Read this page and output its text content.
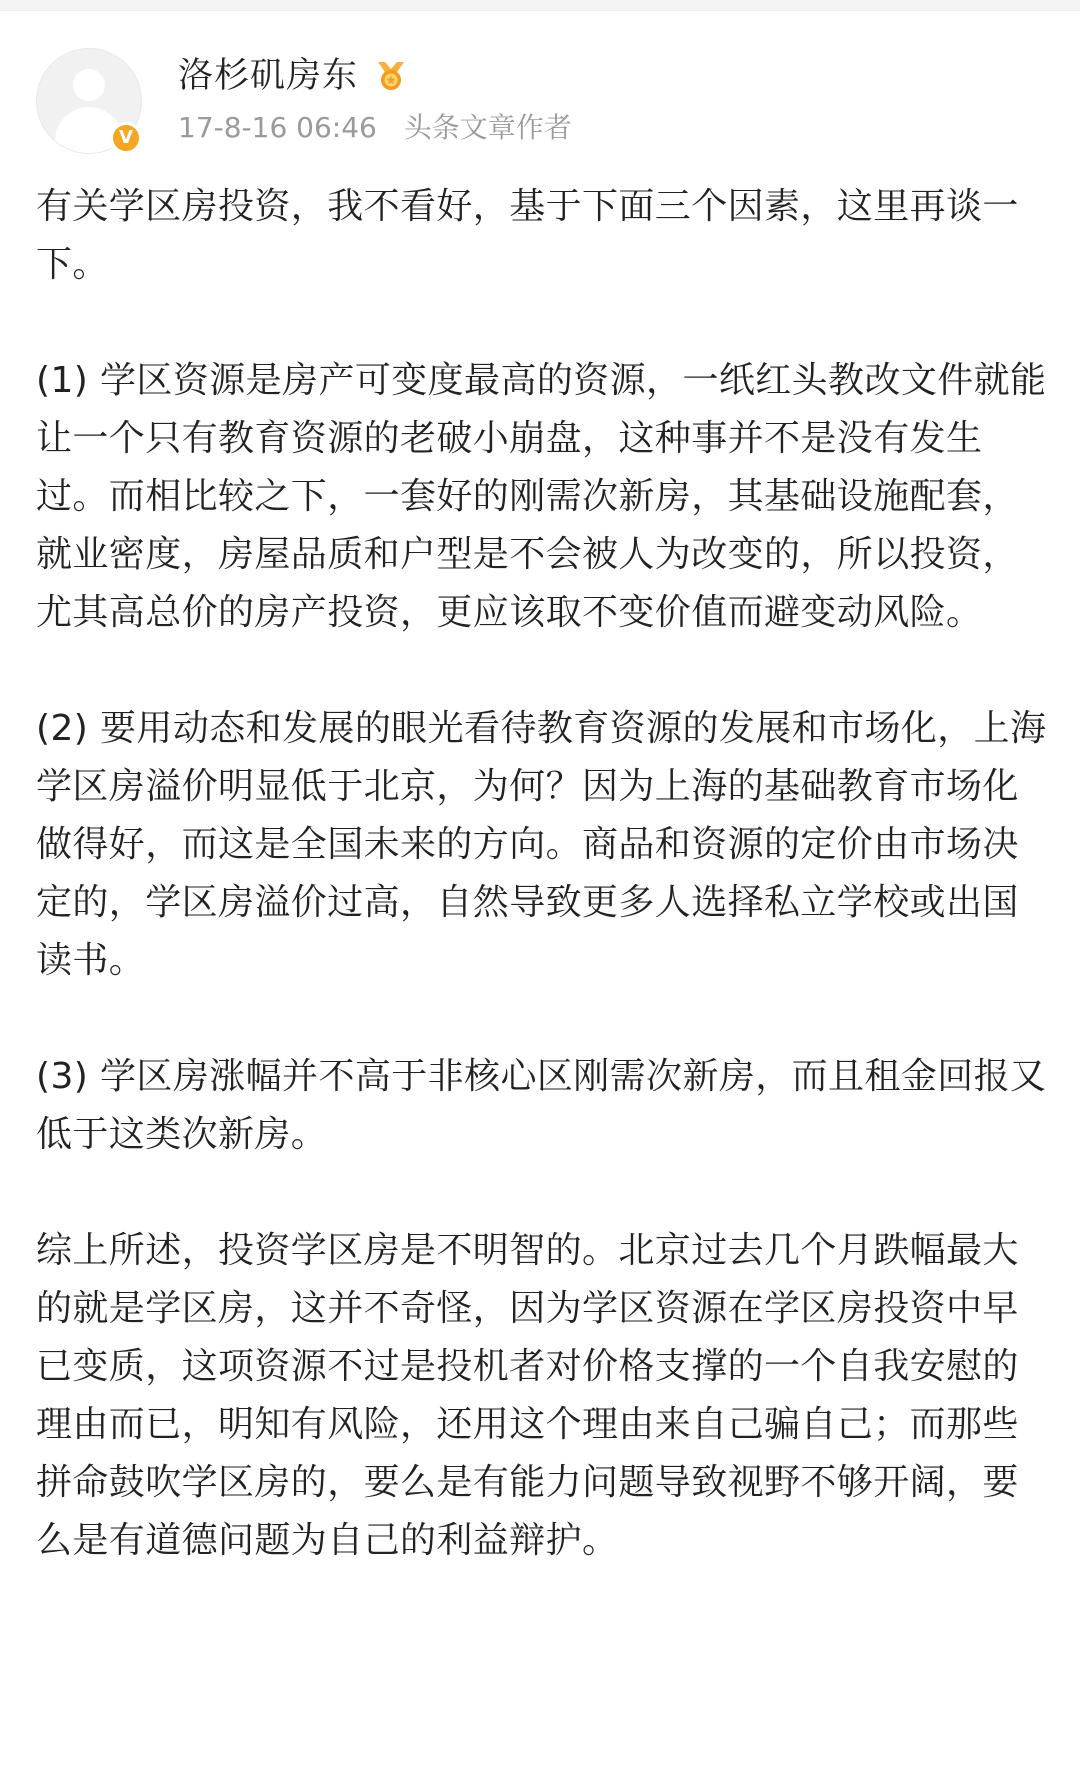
V
洛杉矶房东
17-8-16 06:46 头条文章作者

有关学区房投资，我不看好，基于下面三个因素，这里再谈一下。

(1) 学区资源是房产可变度最高的资源，一纸红头教改文件就能让一个只有教育资源的老破小崩盘，这种事并不是没有发生过。而相比较之下，一套好的刚需次新房，其基础设施配套，就业密度，房屋品质和户型是不会被人为改变的，所以投资，尤其高总价的房产投资，更应该取不变价值而避变动风险。

(2) 要用动态和发展的眼光看待教育资源的发展和市场化，上海学区房溢价明显低于北京，为何？因为上海的基础教育市场化做得好，而这是全国未来的方向。商品和资源的定价由市场决定的，学区房溢价过高，自然导致更多人选择私立学校或出国读书。

(3) 学区房涨幅并不高于非核心区刚需次新房，而且租金回报又低于这类次新房。

综上所述，投资学区房是不明智的。北京过去几个月跌幅最大的就是学区房，这并不奇怪，因为学区资源在学区房投资中早已变质，这项资源不过是投机者对价格支撑的一个自我安慰的理由而已，明知有风险，还用这个理由来自己骗自己；而那些拼命鼓吹学区房的，要么是有能力问题导致视野不够开阔，要么是有道德问题为自己的利益辩护。
